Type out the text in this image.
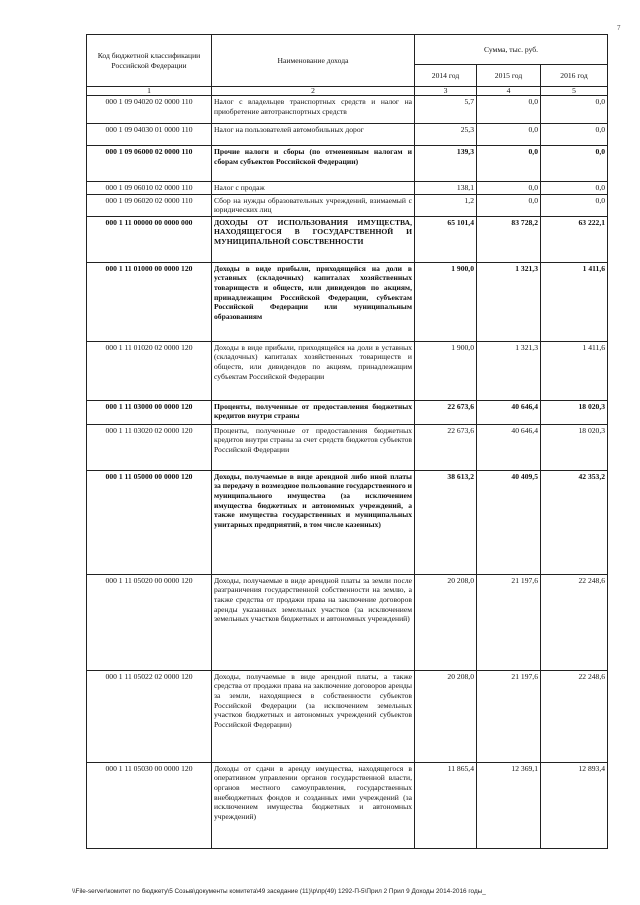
7
Код бюджетной классификации Российской Федерации	Наименование дохода	Сумма, тыс. руб.		
		2014 год	2015 год	2016 год
1	2	3	4	5
000 1 09 04020 02 0000 110	Налог с владельцев транспортных средств и налог на приобретение автотранспортных средств	5,7	0,0	0,0
000 1 09 04030 01 0000 110	Налог на пользователей автомобильных дорог	25,3	0,0	0,0
000 1 09 06000 02 0000 110	Прочие налоги и сборы (по отмененным налогам и сборам субъектов Российской Федерации)	139,3	0,0	0,0
000 1 09 06010 02 0000 110	Налог с продаж	138,1	0,0	0,0
000 1 09 06020 02 0000 110	Сбор на нужды образовательных учреждений, взимаемый с юридических лиц	1,2	0,0	0,0
000 1 11 00000 00 0000 000	ДОХОДЫ ОТ ИСПОЛЬЗОВАНИЯ ИМУЩЕСТВА, НАХОДЯЩЕГОСЯ В ГОСУДАРСТВЕННОЙ И МУНИЦИПАЛЬНОЙ СОБСТВЕННОСТИ	65 101,4	83 728,2	63 222,1
000 1 11 01000 00 0000 120	Доходы в виде прибыли, приходящейся на доли в уставных (складочных) капиталах хозяйственных товариществ и обществ, или дивидендов по акциям, принадлежащим Российской Федерации, субъектам Российской Федерации или муниципальным образованиям	1 900,0	1 321,3	1 411,6
000 1 11 01020 02 0000 120	Доходы в виде прибыли, приходящейся на доли в уставных (складочных) капиталах хозяйственных товариществ и обществ, или дивидендов по акциям, принадлежащим субъектам Российской Федерации	1 900,0	1 321,3	1 411,6
000 1 11 03000 00 0000 120	Проценты, полученные от предоставления бюджетных кредитов внутри страны	22 673,6	40 646,4	18 020,3
000 1 11 03020 02 0000 120	Проценты, полученные от предоставления бюджетных кредитов внутри страны за счет средств бюджетов субъектов Российской Федерации	22 673,6	40 646,4	18 020,3
000 1 11 05000 00 0000 120	Доходы, получаемые в виде арендной либо иной платы за передачу в возмездное пользование государственного и муниципального имущества (за исключением имущества бюджетных и автономных учреждений, а также имущества государственных и муниципальных унитарных предприятий, в том числе казенных)	38 613,2	40 409,5	42 353,2
000 1 11 05020 00 0000 120	Доходы, получаемые в виде арендной платы за земли после разграничения государственной собственности на землю, а также средства от продажи права на заключение договоров аренды указанных земельных участков (за исключением земельных участков бюджетных и автономных учреждений)	20 208,0	21 197,6	22 248,6
000 1 11 05022 02 0000 120	Доходы, получаемые в виде арендной платы, а также средства от продажи права на заключение договоров аренды за земли, находящиеся в собственности субъектов Российской Федерации (за исключением земельных участков бюджетных и автономных учреждений субъектов Российской Федерации)	20 208,0	21 197,6	22 248,6
000 1 11 05030 00 0000 120	Доходы от сдачи в аренду имущества, находящегося в оперативном управлении органов государственной власти, органов местного самоуправления, государственных внебюджетных фондов и созданных ими учреждений (за исключением имущества бюджетных и автономных учреждений)	11 865,4	12 369,1	12 893,4
\\File-server\комитет по бюджету\5 Созыв\документы комитета\49 заседание (11)\р\пр(49) 1292-П-5\Прил 2 Прил 9 Доходы 2014-2016 годы_
